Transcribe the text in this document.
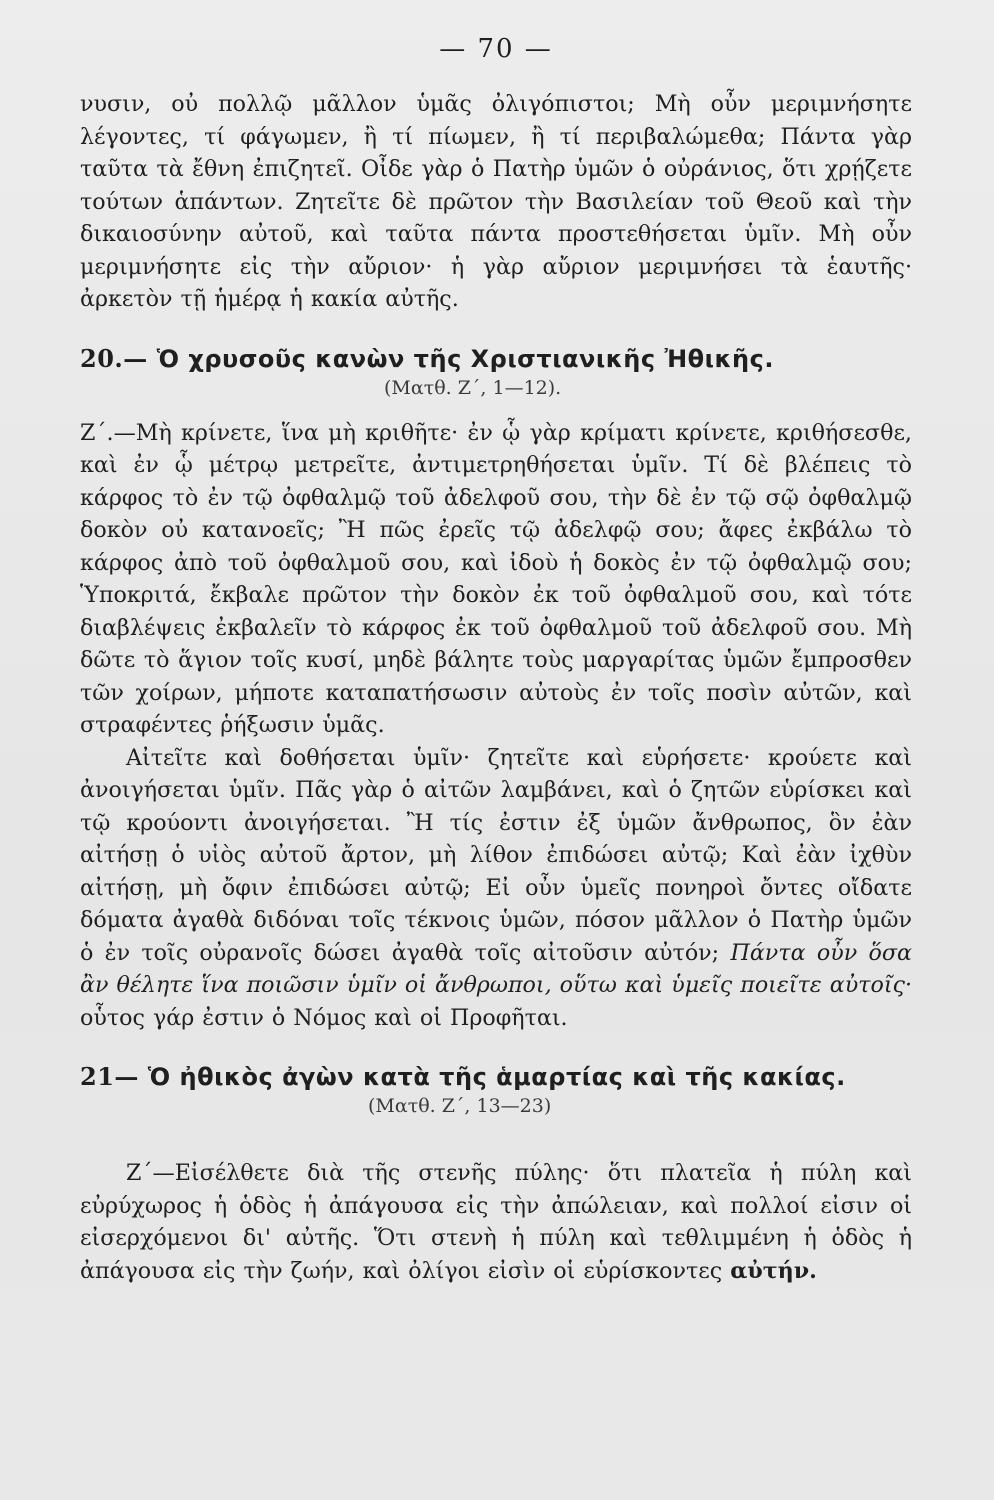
— 70 —

νυσιν, οὐ πολλῷ μᾶλλον ὑμᾶς ὀλιγόπιστοι; Μὴ οὖν μεριμνήσητε λέγοντες, τί φάγωμεν, ἢ τί πίωμεν, ἢ τί περιβαλώμεθα; Πάντα γὰρ ταῦτα τὰ ἔθνη ἐπιζητεῖ. Οἶδε γὰρ ὁ Πατὴρ ὑμῶν ὁ οὐράνιος, ὅτι χρῄζετε τούτων ἁπάντων. Ζητεῖτε δὲ πρῶτον τὴν Βασιλείαν τοῦ Θεοῦ καὶ τὴν δικαιοσύνην αὐτοῦ, καὶ ταῦτα πάντα προστεθήσεται ὑμῖν. Μὴ οὖν μεριμνήσητε εἰς τὴν αὔριον· ἡ γὰρ αὔριον μεριμνήσει τὰ ἑαυτῆς· ἀρκετὸν τῇ ἡμέρᾳ ἡ κακία αὐτῆς.

20.— Ὁ χρυσοῦς κανὼν τῆς Χριστιανικῆς Ἠθικῆς.
(Ματθ. Ζ΄, 1—12).

Ζ΄.—Μὴ κρίνετε, ἵνα μὴ κριθῆτε· ἐν ᾧ γὰρ κρίματι κρίνετε, κριθήσεσθε, καὶ ἐν ᾧ μέτρῳ μετρεῖτε, ἀντιμετρηθήσεται ὑμῖν. Τί δὲ βλέπεις τὸ κάρφος τὸ ἐν τῷ ὀφθαλμῷ τοῦ ἀδελφοῦ σου, τὴν δὲ ἐν τῷ σῷ ὀφθαλμῷ δοκὸν οὐ κατανοεῖς; Ἢ πῶς ἐρεῖς τῷ ἀδελφῷ σου; ἄφες ἐκβάλω τὸ κάρφος ἀπὸ τοῦ ὀφθαλμοῦ σου, καὶ ἰδοὺ ἡ δοκὸς ἐν τῷ ὀφθαλμῷ σου; Ὑποκριτά, ἔκβαλε πρῶτον τὴν δοκὸν ἐκ τοῦ ὀφθαλμοῦ σου, καὶ τότε διαβλέψεις ἐκβαλεῖν τὸ κάρφος ἐκ τοῦ ὀφθαλμοῦ τοῦ ἀδελφοῦ σου. Μὴ δῶτε τὸ ἅγιον τοῖς κυσί, μηδὲ βάλητε τοὺς μαργαρίτας ὑμῶν ἔμπροσθεν τῶν χοίρων, μήποτε καταπατήσωσιν αὐτοὺς ἐν τοῖς ποσὶν αὐτῶν, καὶ στραφέντες ῥήξωσιν ὑμᾶς.

Αἰτεῖτε καὶ δοθήσεται ὑμῖν· ζητεῖτε καὶ εὑρήσετε· κρούετε καὶ ἀνοιγήσεται ὑμῖν. Πᾶς γὰρ ὁ αἰτῶν λαμβάνει, καὶ ὁ ζητῶν εὑρίσκει καὶ τῷ κρούοντι ἀνοιγήσεται. Ἢ τίς ἐστιν ἐξ ὑμῶν ἄνθρωπος, ὃν ἐὰν αἰτήσῃ ὁ υἱὸς αὐτοῦ ἄρτον, μὴ λίθον ἐπιδώσει αὐτῷ; Καὶ ἐὰν ἰχθὺν αἰτήσῃ, μὴ ὄφιν ἐπιδώσει αὐτῷ; Εἰ οὖν ὑμεῖς πονηροὶ ὄντες οἴδατε δόματα ἀγαθὰ διδόναι τοῖς τέκνοις ὑμῶν, πόσον μᾶλλον ὁ Πατὴρ ὑμῶν ὁ ἐν τοῖς οὐρανοῖς δώσει ἀγαθὰ τοῖς αἰτοῦσιν αὐτόν; Πάντα οὖν ὅσα ἂν θέλητε ἵνα ποιῶσιν ὑμῖν οἱ ἄνθρωποι, οὕτω καὶ ὑμεῖς ποιεῖτε αὐτοῖς· οὗτος γάρ ἐστιν ὁ Νόμος καὶ οἱ Προφῆται.

21— Ὁ ἠθικὸς ἀγὼν κατὰ τῆς ἁμαρτίας καὶ τῆς κακίας.
(Ματθ. Ζ΄, 13—23)

Ζ΄—Εἰσέλθετε διὰ τῆς στενῆς πύλης· ὅτι πλατεῖα ἡ πύλη καὶ εὐρύχωρος ἡ ὁδὸς ἡ ἀπάγουσα εἰς τὴν ἀπώλειαν, καὶ πολλοί εἰσιν οἱ εἰσερχόμενοι δι' αὐτῆς. Ὅτι στενὴ ἡ πύλη καὶ τεθλιμμένη ἡ ὁδὸς ἡ ἀπάγουσα εἰς τὴν ζωήν, καὶ ὀλίγοι εἰσὶν οἱ εὑρίσκοντες αὐτήν.
